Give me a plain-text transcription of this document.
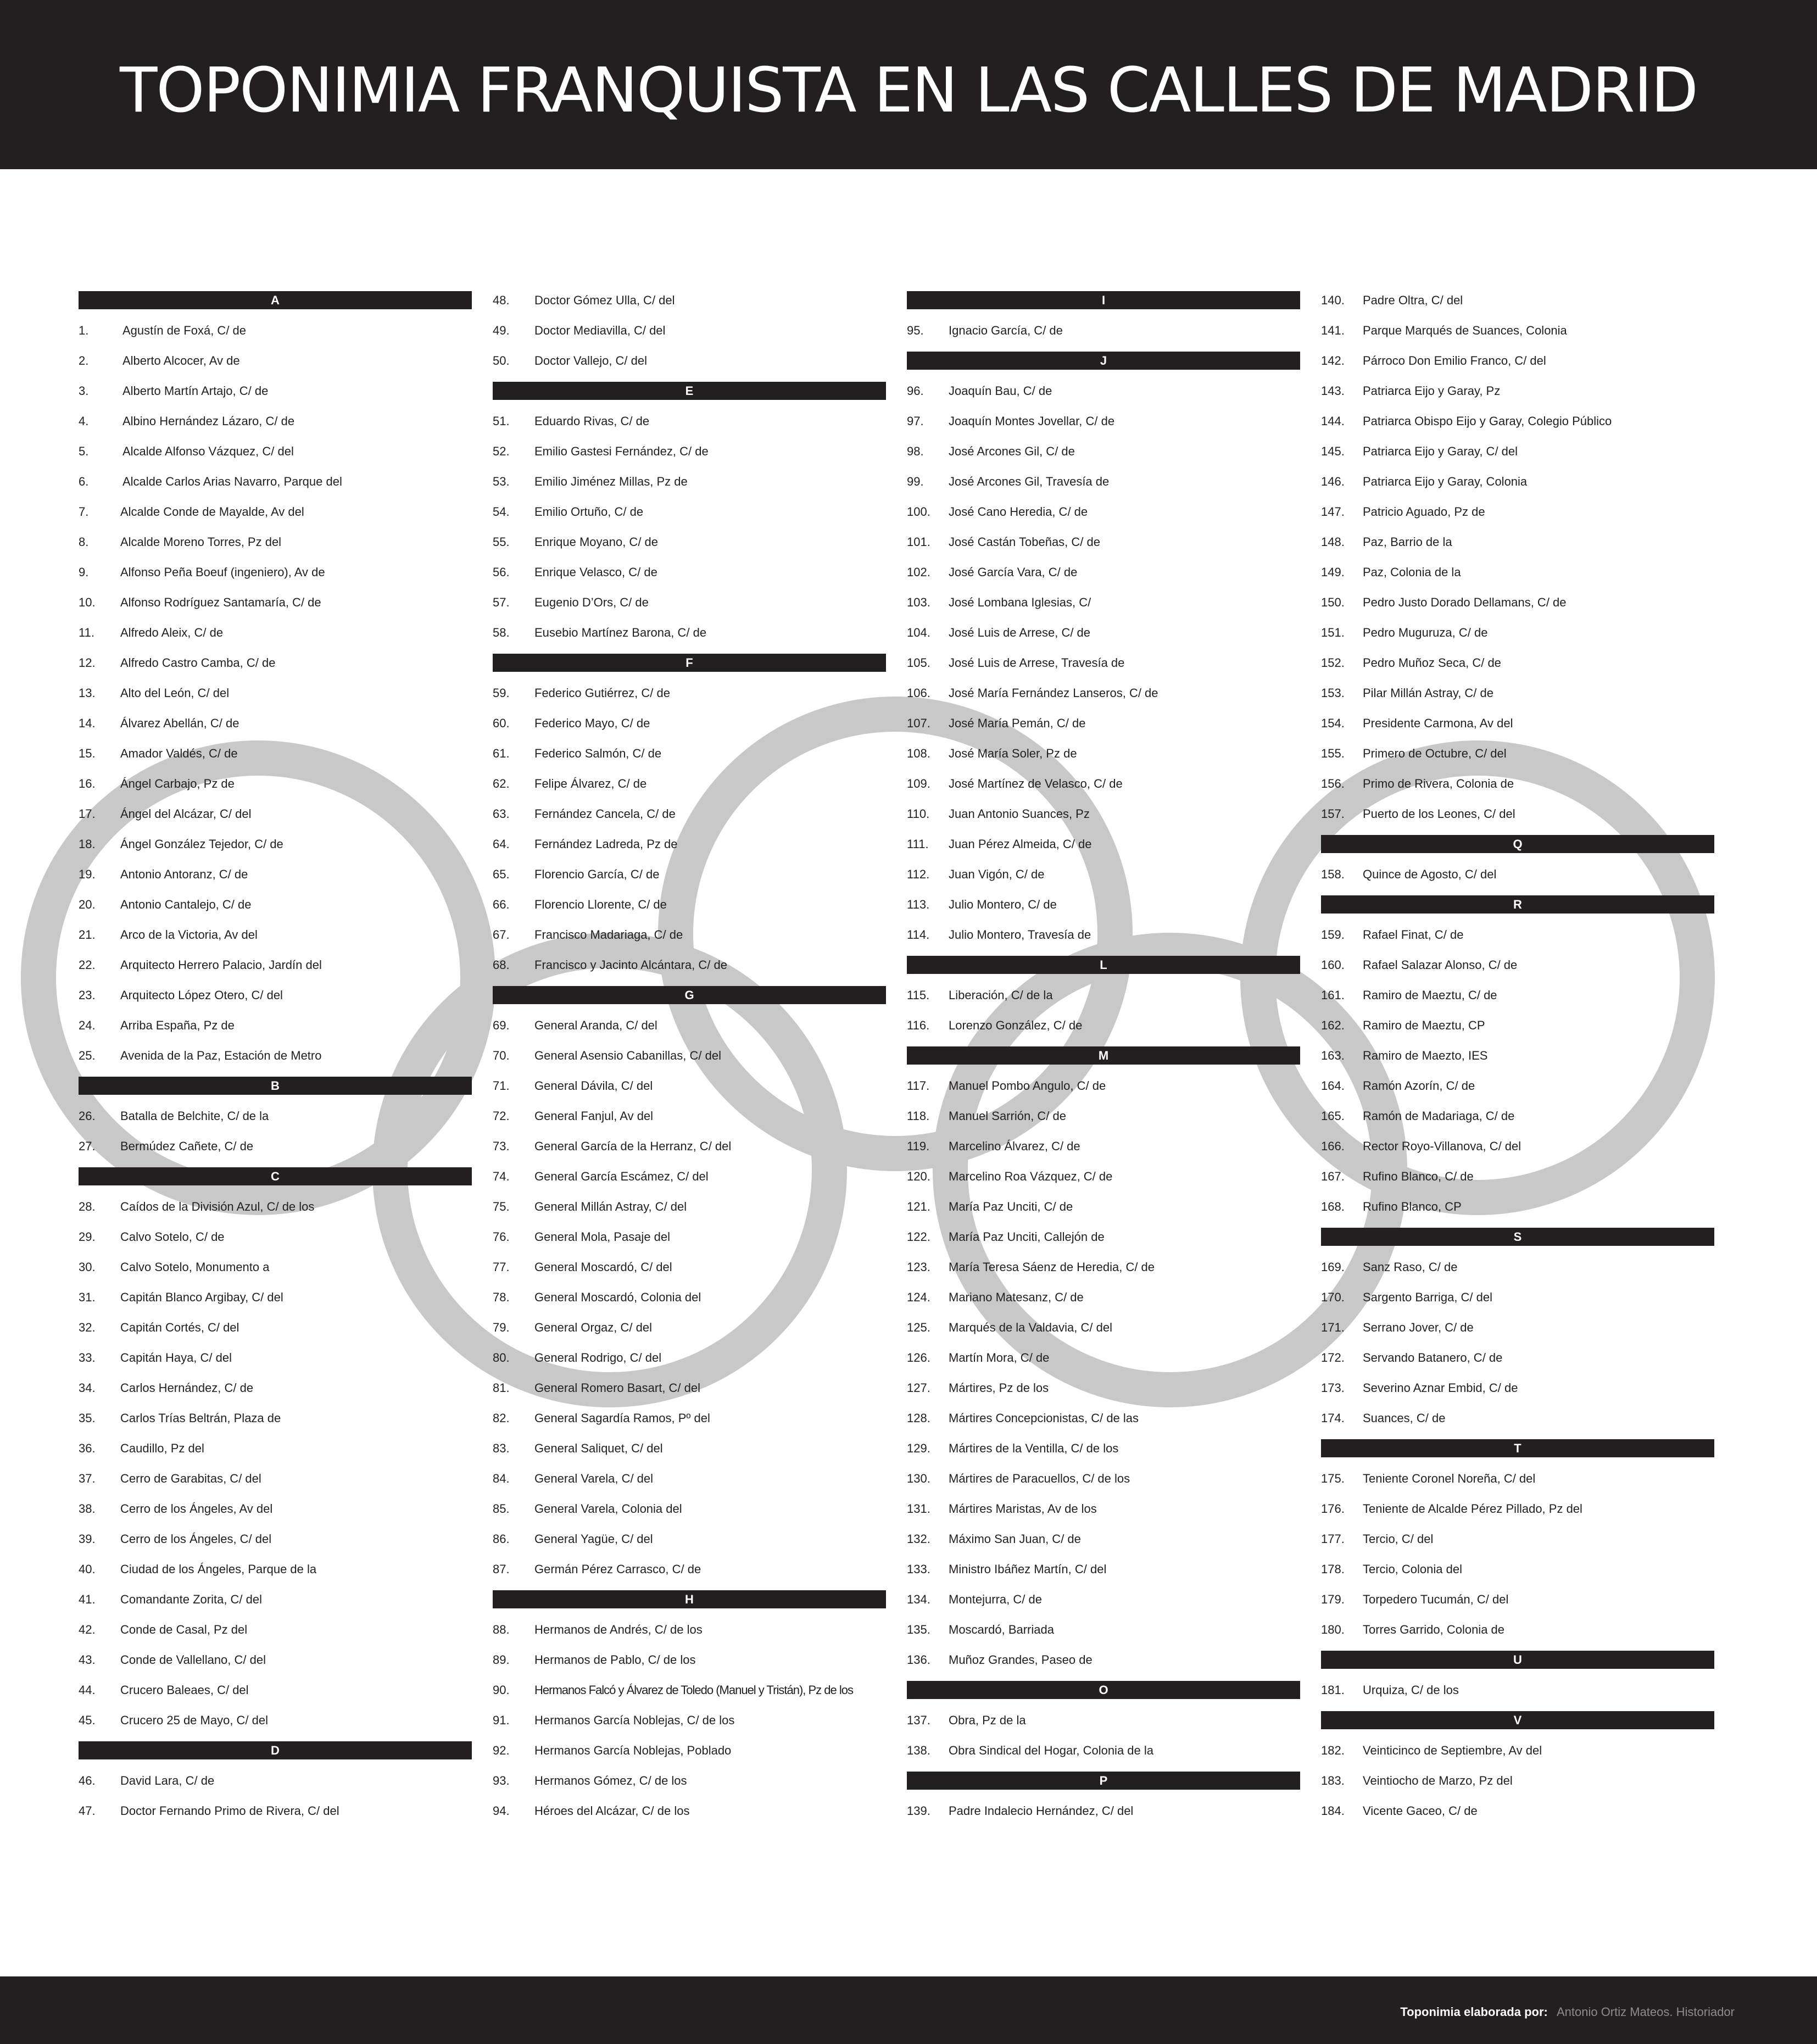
TOPONIMIA FRANQUISTA EN LAS CALLES DE MADRID
A
1.	Agustín de Foxá, C/ de
2.	Alberto Alcocer, Av de
3.	Alberto Martín Artajo, C/ de
4.	Albino Hernández Lázaro, C/ de
5.	Alcalde Alfonso Vázquez, C/ del
6.	Alcalde Carlos Arias Navarro, Parque del
7.	Alcalde Conde de Mayalde, Av del
8.	Alcalde Moreno Torres, Pz del
9.	Alfonso Peña Boeuf (ingeniero), Av de
10. Alfonso Rodríguez Santamaría, C/ de
11. Alfredo Aleix, C/ de
12. Alfredo Castro Camba, C/ de
13. Alto del León, C/ del
14. Álvarez Abellán, C/ de
15. Amador Valdés, C/ de
16. Ángel Carbajo, Pz de
17. Ángel del Alcázar, C/ del
18. Ángel González Tejedor, C/ de
19. Antonio Antoranz, C/ de
20. Antonio Cantalejo, C/ de
21. Arco de la Victoria, Av del
22. Arquitecto Herrero Palacio, Jardín del
23. Arquitecto López Otero, C/ del
24. Arriba España, Pz de
25. Avenida de la Paz, Estación de Metro
B
26. Batalla de Belchite, C/ de la
27. Bermúdez Cañete, C/ de
C
28. Caídos de la División Azul, C/ de los
29. Calvo Sotelo, C/ de
30. Calvo Sotelo, Monumento a
31. Capitán Blanco Argibay, C/ del
32. Capitán Cortés, C/ del
33. Capitán Haya, C/ del
34. Carlos Hernández, C/ de
35. Carlos Trías Beltrán, Plaza de
36. Caudillo, Pz del
37. Cerro de Garabitas, C/ del
38. Cerro de los Ángeles, Av del
39. Cerro de los Ángeles, C/ del
40. Ciudad de los Ángeles, Parque de la
41. Comandante Zorita, C/ del
42. Conde de Casal, Pz del
43. Conde de Vallellano, C/ del
44. Crucero Baleaes, C/ del
45. Crucero 25 de Mayo, C/ del
D
46. David Lara, C/ de
47. Doctor Fernando Primo de Rivera, C/ del
48. Doctor Gómez Ulla, C/ del
49. Doctor Mediavilla, C/ del
50. Doctor Vallejo, C/ del
E
51. Eduardo Rivas, C/ de
52. Emilio Gastesi Fernández, C/ de
53. Emilio Jiménez Millas, Pz de
54. Emilio Ortuño, C/ de
55. Enrique Moyano, C/ de
56. Enrique Velasco, C/ de
57. Eugenio D’Ors, C/ de
58. Eusebio Martínez Barona, C/ de
F
59. Federico Gutiérrez, C/ de
60. Federico Mayo, C/ de
61. Federico Salmón, C/ de
62. Felipe Álvarez, C/ de
63. Fernández Cancela, C/ de
64. Fernández Ladreda, Pz de
65. Florencio García, C/ de
66. Florencio Llorente, C/ de
67. Francisco Madariaga, C/ de
68. Francisco y Jacinto Alcántara, C/ de
G
69. General Aranda, C/ del
70. General Asensio Cabanillas, C/ del
71. General Dávila, C/ del
72. General Fanjul, Av del
73. General García de la Herranz, C/ del
74. General García Escámez, C/ del
75. General Millán Astray, C/ del
76. General Mola, Pasaje del
77. General Moscardó, C/ del
78. General Moscardó, Colonia del
79. General Orgaz, C/ del
80. General Rodrigo, C/ del
81. General Romero Basart, C/ del
82. General Sagardía Ramos, Pº del
83. General Saliquet, C/ del
84. General Varela, C/ del
85. General Varela, Colonia del
86. General Yagüe, C/ del
87. Germán Pérez Carrasco, C/ de
H
88. Hermanos de Andrés, C/ de los
89. Hermanos de Pablo, C/ de los
90. Hermanos Falcó y Álvarez de Toledo (Manuel y Tristán), Pz de los
91. Hermanos García Noblejas, C/ de los
92. Hermanos García Noblejas, Poblado
93. Hermanos Gómez, C/ de los
94. Héroes del Alcázar, C/ de los
I
95. Ignacio García, C/ de
J
96. Joaquín Bau, C/ de
97. Joaquín Montes Jovellar, C/ de
98. José Arcones Gil, C/ de
99. José Arcones Gil, Travesía de
100. José Cano Heredia, C/ de
101. José Castán Tobeñas, C/ de
102. José García Vara, C/ de
103. José Lombana Iglesias, C/
104. José Luis de Arrese, C/ de
105. José Luis de Arrese, Travesía de
106. José María Fernández Lanseros, C/ de
107. José María Pemán, C/ de
108. José María Soler, Pz de
109. José Martínez de Velasco, C/ de
110. Juan Antonio Suances, Pz
111. Juan Pérez Almeida, C/ de
112. Juan Vigón, C/ de
113. Julio Montero, C/ de
114. Julio Montero, Travesía de
L
115. Liberación, C/ de la
116. Lorenzo González, C/ de
M
117. Manuel Pombo Angulo, C/ de
118. Manuel Sarrión, C/ de
119. Marcelino Álvarez, C/ de
120. Marcelino Roa Vázquez, C/ de
121. María Paz Unciti, C/ de
122. María Paz Unciti, Callejón de
123. María Teresa Sáenz de Heredia, C/ de
124. Mariano Matesanz, C/ de
125. Marqués de la Valdavia, C/ del
126. Martín Mora, C/ de
127. Mártires, Pz de los
128. Mártires Concepcionistas, C/ de las
129. Mártires de la Ventilla, C/ de los
130. Mártires de Paracuellos, C/ de los
131. Mártires Maristas, Av de los
132. Máximo San Juan, C/ de
133. Ministro Ibáñez Martín, C/ del
134. Montejurra, C/ de
135. Moscardó, Barriada
136. Muñoz Grandes, Paseo de
O
137. Obra, Pz de la
138. Obra Sindical del Hogar, Colonia de la
P
139. Padre Indalecio Hernández, C/ del
140. Padre Oltra, C/ del
141. Parque Marqués de Suances, Colonia
142. Párroco Don Emilio Franco, C/ del
143. Patriarca Eijo y Garay, Pz
144. Patriarca Obispo Eijo y Garay, Colegio Público
145. Patriarca Eijo y Garay, C/ del
146. Patriarca Eijo y Garay, Colonia
147. Patricio Aguado, Pz de
148. Paz, Barrio de la
149. Paz, Colonia de la
150. Pedro Justo Dorado Dellamans, C/ de
151. Pedro Muguruza, C/ de
152. Pedro Muñoz Seca, C/ de
153. Pilar Millán Astray, C/ de
154. Presidente Carmona, Av del
155. Primero de Octubre, C/ del
156. Primo de Rivera, Colonia de
157. Puerto de los Leones, C/ del
Q
158. Quince de Agosto, C/ del
R
159. Rafael Finat, C/ de
160. Rafael Salazar Alonso, C/ de
161. Ramiro de Maeztu, C/ de
162. Ramiro de Maeztu, CP
163. Ramiro de Maezto, IES
164. Ramón Azorín, C/ de
165. Ramón de Madariaga, C/ de
166. Rector Royo-Villanova, C/ del
167. Rufino Blanco, C/ de
168. Rufino Blanco, CP
S
169. Sanz Raso, C/ de
170. Sargento Barriga, C/ del
171. Serrano Jover, C/ de
172. Servando Batanero, C/ de
173. Severino Aznar Embid, C/ de
174. Suances, C/ de
T
175. Teniente Coronel Noreña, C/ del
176. Teniente de Alcalde Pérez Pillado, Pz del
177. Tercio, C/ del
178. Tercio, Colonia del
179. Torpedero Tucumán, C/ del
180. Torres Garrido, Colonia de
U
181. Urquiza, C/ de los
V
182. Veinticinco de Septiembre, Av del
183. Veintiocho de Marzo, Pz del
184. Vicente Gaceo, C/ de
Toponimia elaborada por: Antonio Ortiz Mateos. Historiador
